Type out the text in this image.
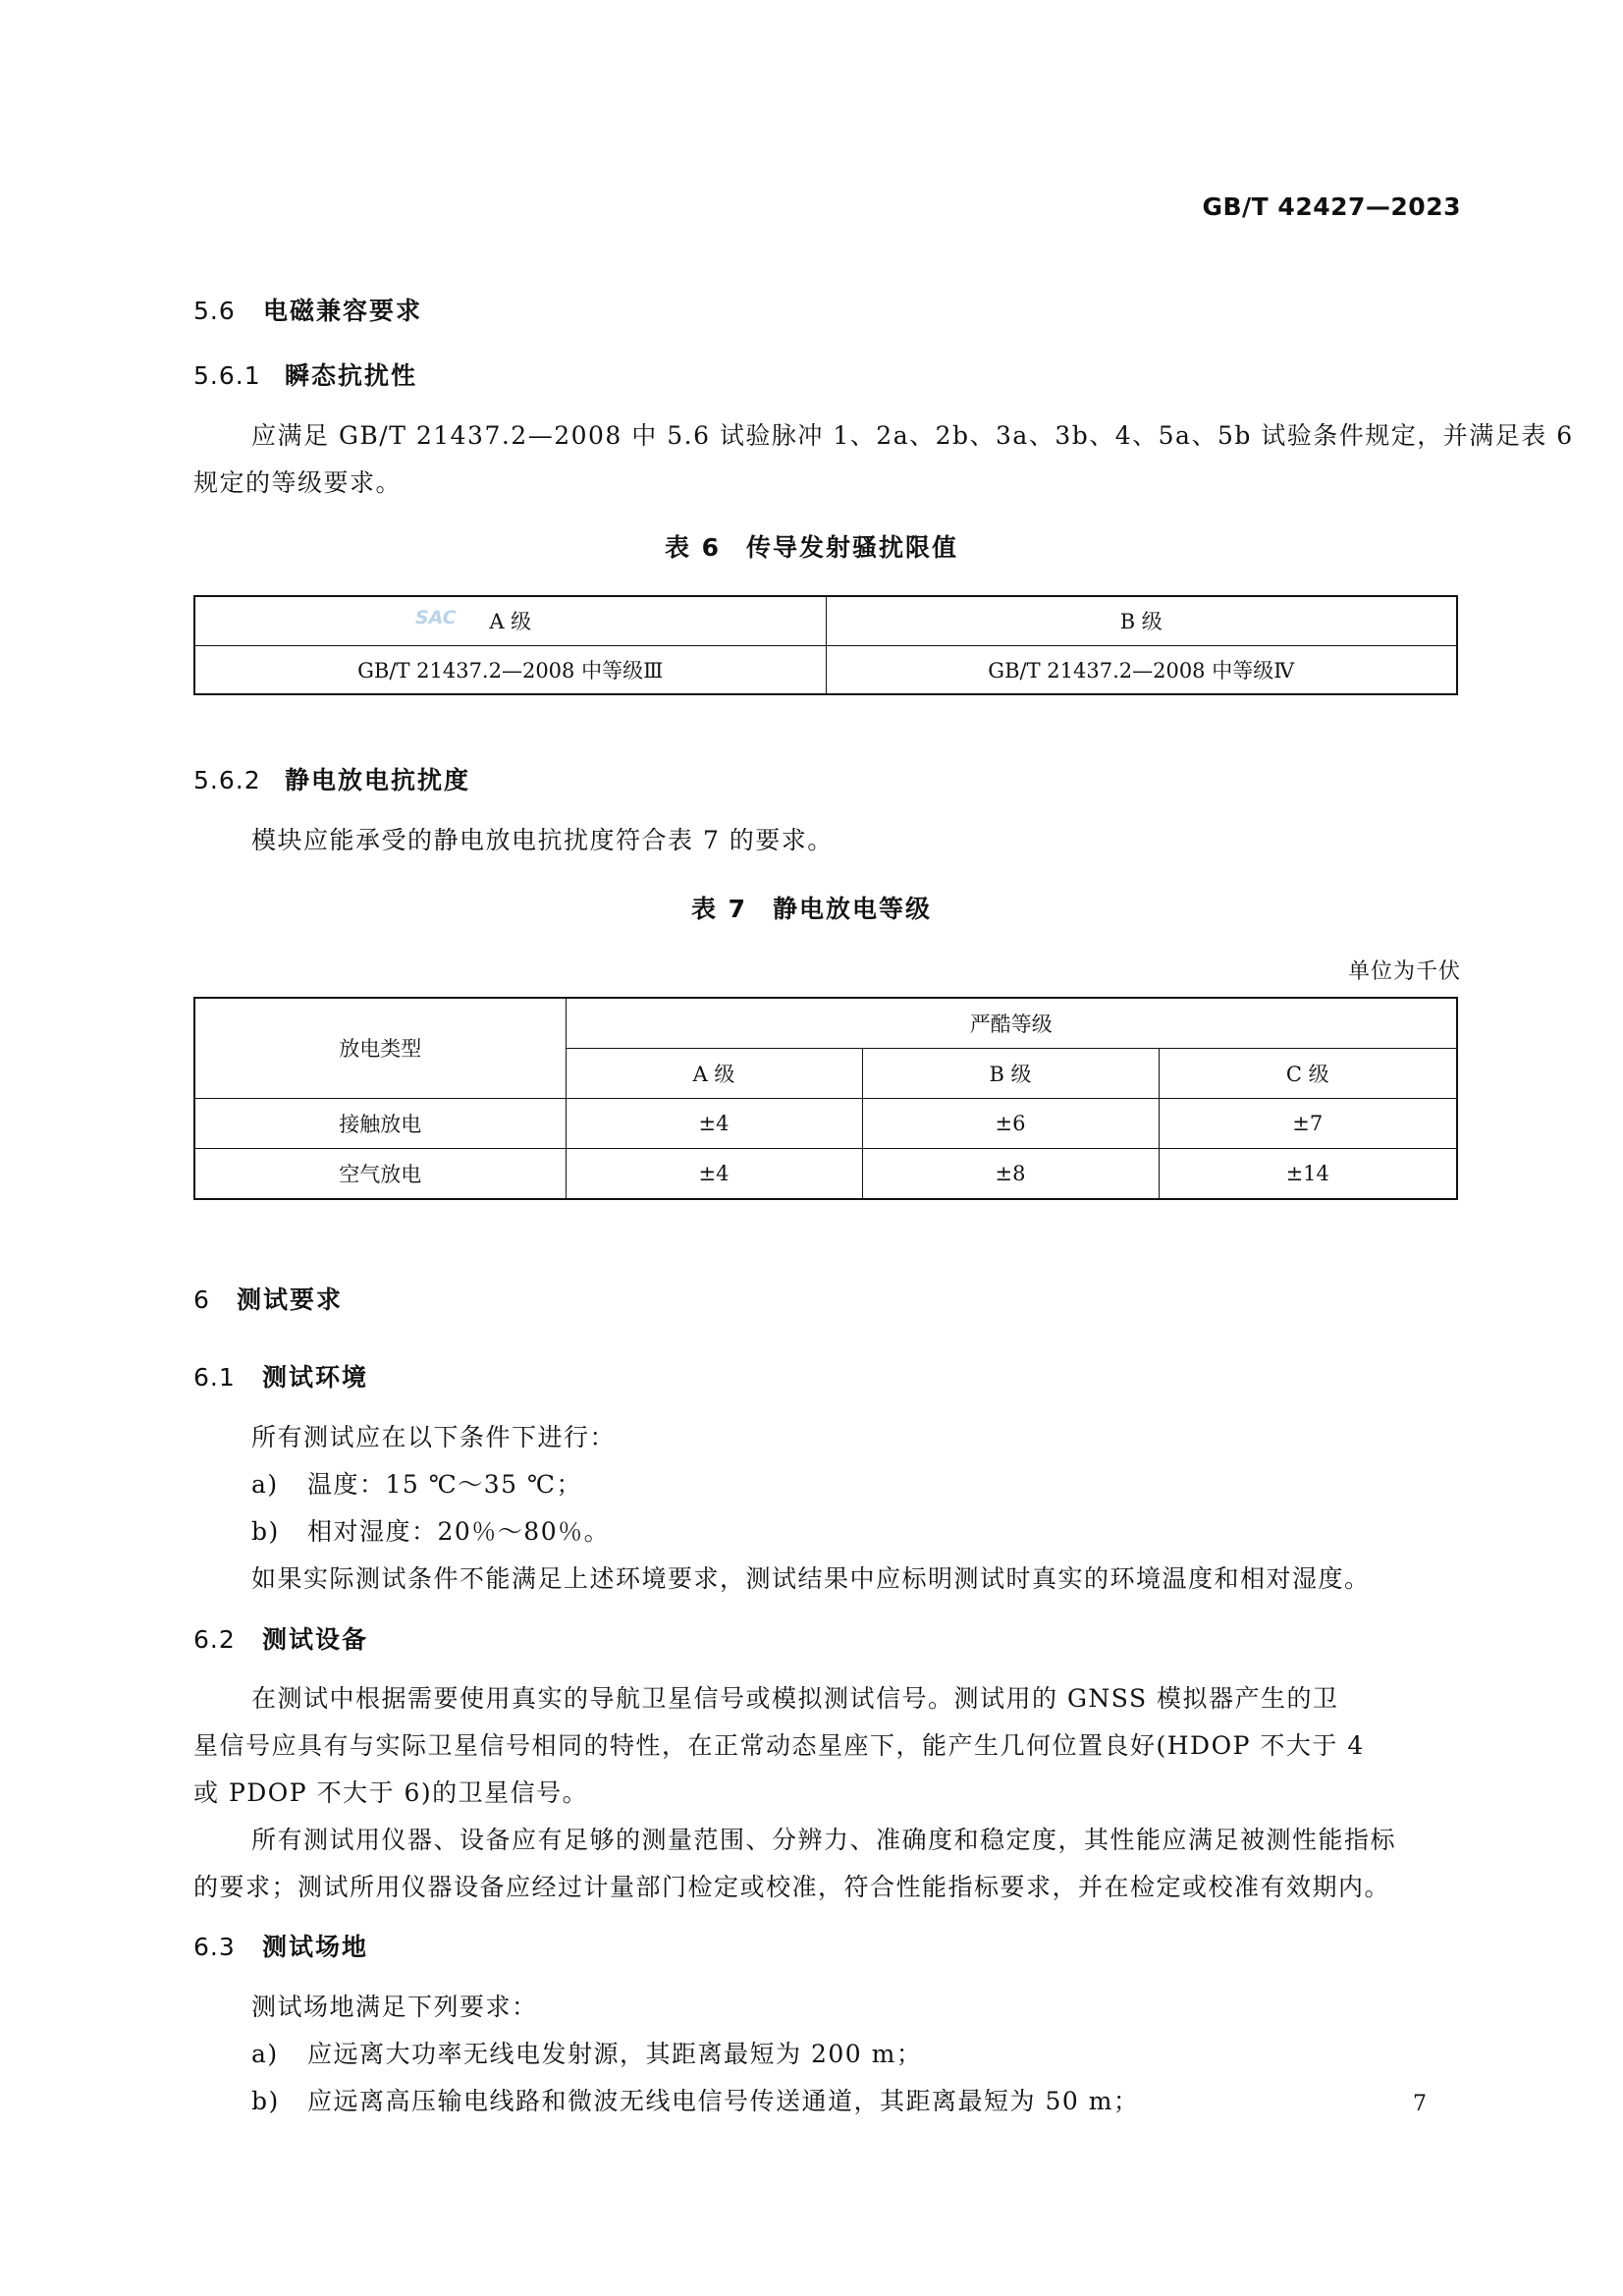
GB/T 42427—2023
5.6 电磁兼容要求
5.6.1 瞬态抗扰性
应满足 GB/T 21437.2—2008 中 5.6 试验脉冲 1、2a、2b、3a、3b、4、5a、5b 试验条件规定，并满足表 6
规定的等级要求。
表 6 传导发射骚扰限值
A 级	B 级
GB/T 21437.2—2008 中等级Ⅲ	GB/T 21437.2—2008 中等级Ⅳ
SAC
5.6.2 静电放电抗扰度
模块应能承受的静电放电抗扰度符合表 7 的要求。
表 7 静电放电等级
单位为千伏
放电类型	严酷等级		
	A 级	B 级	C 级
接触放电	±4	±6	±7
空气放电	±4	±8	±14
6 测试要求
6.1 测试环境
所有测试应在以下条件下进行：
a) 温度：15 ℃～35 ℃；
b) 相对湿度：20％～80％。
如果实际测试条件不能满足上述环境要求，测试结果中应标明测试时真实的环境温度和相对湿度。
6.2 测试设备
在测试中根据需要使用真实的导航卫星信号或模拟测试信号。测试用的 GNSS 模拟器产生的卫
星信号应具有与实际卫星信号相同的特性，在正常动态星座下，能产生几何位置良好(HDOP 不大于 4
或 PDOP 不大于 6)的卫星信号。
所有测试用仪器、设备应有足够的测量范围、分辨力、准确度和稳定度，其性能应满足被测性能指标
的要求；测试所用仪器设备应经过计量部门检定或校准，符合性能指标要求，并在检定或校准有效期内。
6.3 测试场地
测试场地满足下列要求：
a) 应远离大功率无线电发射源，其距离最短为 200 m；
b) 应远离高压输电线路和微波无线电信号传送通道，其距离最短为 50 m；	7
